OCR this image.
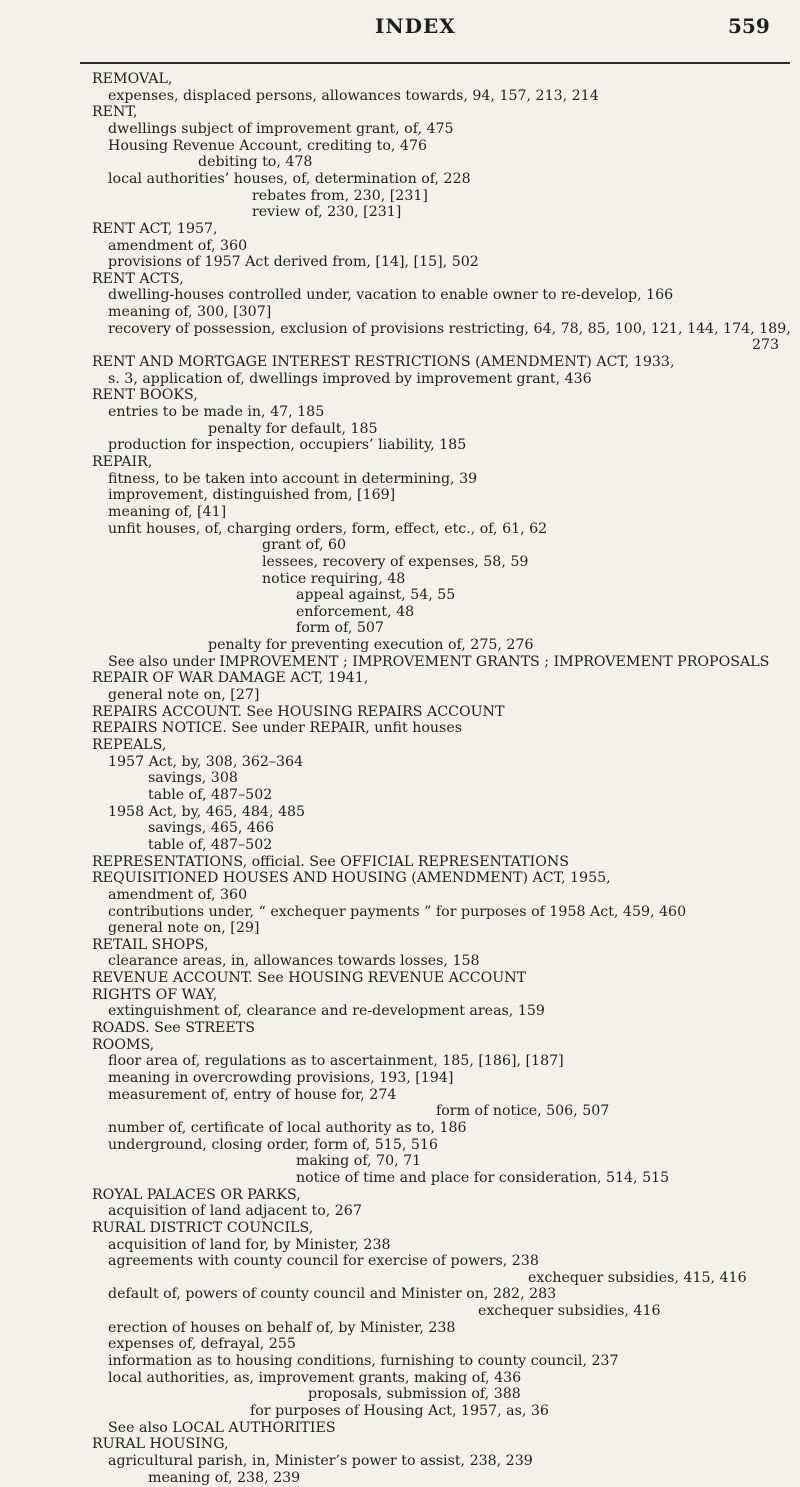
INDEX	559
REMOVAL,
expenses, displaced persons, allowances towards, 94, 157, 213, 214
RENT,
dwellings subject of improvement grant, of, 475
Housing Revenue Account, crediting to, 476
debiting to, 478
local authorities’ houses, of, determination of, 228
rebates from, 230, [231]
review of, 230, [231]
RENT ACT, 1957,
amendment of, 360
provisions of 1957 Act derived from, [14], [15], 502
RENT ACTS,
dwelling-houses controlled under, vacation to enable owner to re-develop, 166
meaning of, 300, [307]
recovery of possession, exclusion of provisions restricting, 64, 78, 85, 100, 121, 144, 174, 189,
273
RENT AND MORTGAGE INTEREST RESTRICTIONS (AMENDMENT) ACT, 1933,
s. 3, application of, dwellings improved by improvement grant, 436
RENT BOOKS,
entries to be made in, 47, 185
penalty for default, 185
production for inspection, occupiers’ liability, 185
REPAIR,
fitness, to be taken into account in determining, 39
improvement, distinguished from, [169]
meaning of, [41]
unfit houses, of, charging orders, form, effect, etc., of, 61, 62
grant of, 60
lessees, recovery of expenses, 58, 59
notice requiring, 48
appeal against, 54, 55
enforcement, 48
form of, 507
penalty for preventing execution of, 275, 276
See also under IMPROVEMENT ; IMPROVEMENT GRANTS ; IMPROVEMENT PROPOSALS
REPAIR OF WAR DAMAGE ACT, 1941,
general note on, [27]
REPAIRS ACCOUNT. See HOUSING REPAIRS ACCOUNT
REPAIRS NOTICE. See under REPAIR, unfit houses
REPEALS,
1957 Act, by, 308, 362–364
savings, 308
table of, 487–502
1958 Act, by, 465, 484, 485
savings, 465, 466
table of, 487–502
REPRESENTATIONS, official. See OFFICIAL REPRESENTATIONS
REQUISITIONED HOUSES AND HOUSING (AMENDMENT) ACT, 1955,
amendment of, 360
contributions under, “ exchequer payments ” for purposes of 1958 Act, 459, 460
general note on, [29]
RETAIL SHOPS,
clearance areas, in, allowances towards losses, 158
REVENUE ACCOUNT. See HOUSING REVENUE ACCOUNT
RIGHTS OF WAY,
extinguishment of, clearance and re-development areas, 159
ROADS. See STREETS
ROOMS,
floor area of, regulations as to ascertainment, 185, [186], [187]
meaning in overcrowding provisions, 193, [194]
measurement of, entry of house for, 274
form of notice, 506, 507
number of, certificate of local authority as to, 186
underground, closing order, form of, 515, 516
making of, 70, 71
notice of time and place for consideration, 514, 515
ROYAL PALACES OR PARKS,
acquisition of land adjacent to, 267
RURAL DISTRICT COUNCILS,
acquisition of land for, by Minister, 238
agreements with county council for exercise of powers, 238
exchequer subsidies, 415, 416
default of, powers of county council and Minister on, 282, 283
exchequer subsidies, 416
erection of houses on behalf of, by Minister, 238
expenses of, defrayal, 255
information as to housing conditions, furnishing to county council, 237
local authorities, as, improvement grants, making of, 436
proposals, submission of, 388
for purposes of Housing Act, 1957, as, 36
See also LOCAL AUTHORITIES
RURAL HOUSING,
agricultural parish, in, Minister’s power to assist, 238, 239
meaning of, 238, 239
